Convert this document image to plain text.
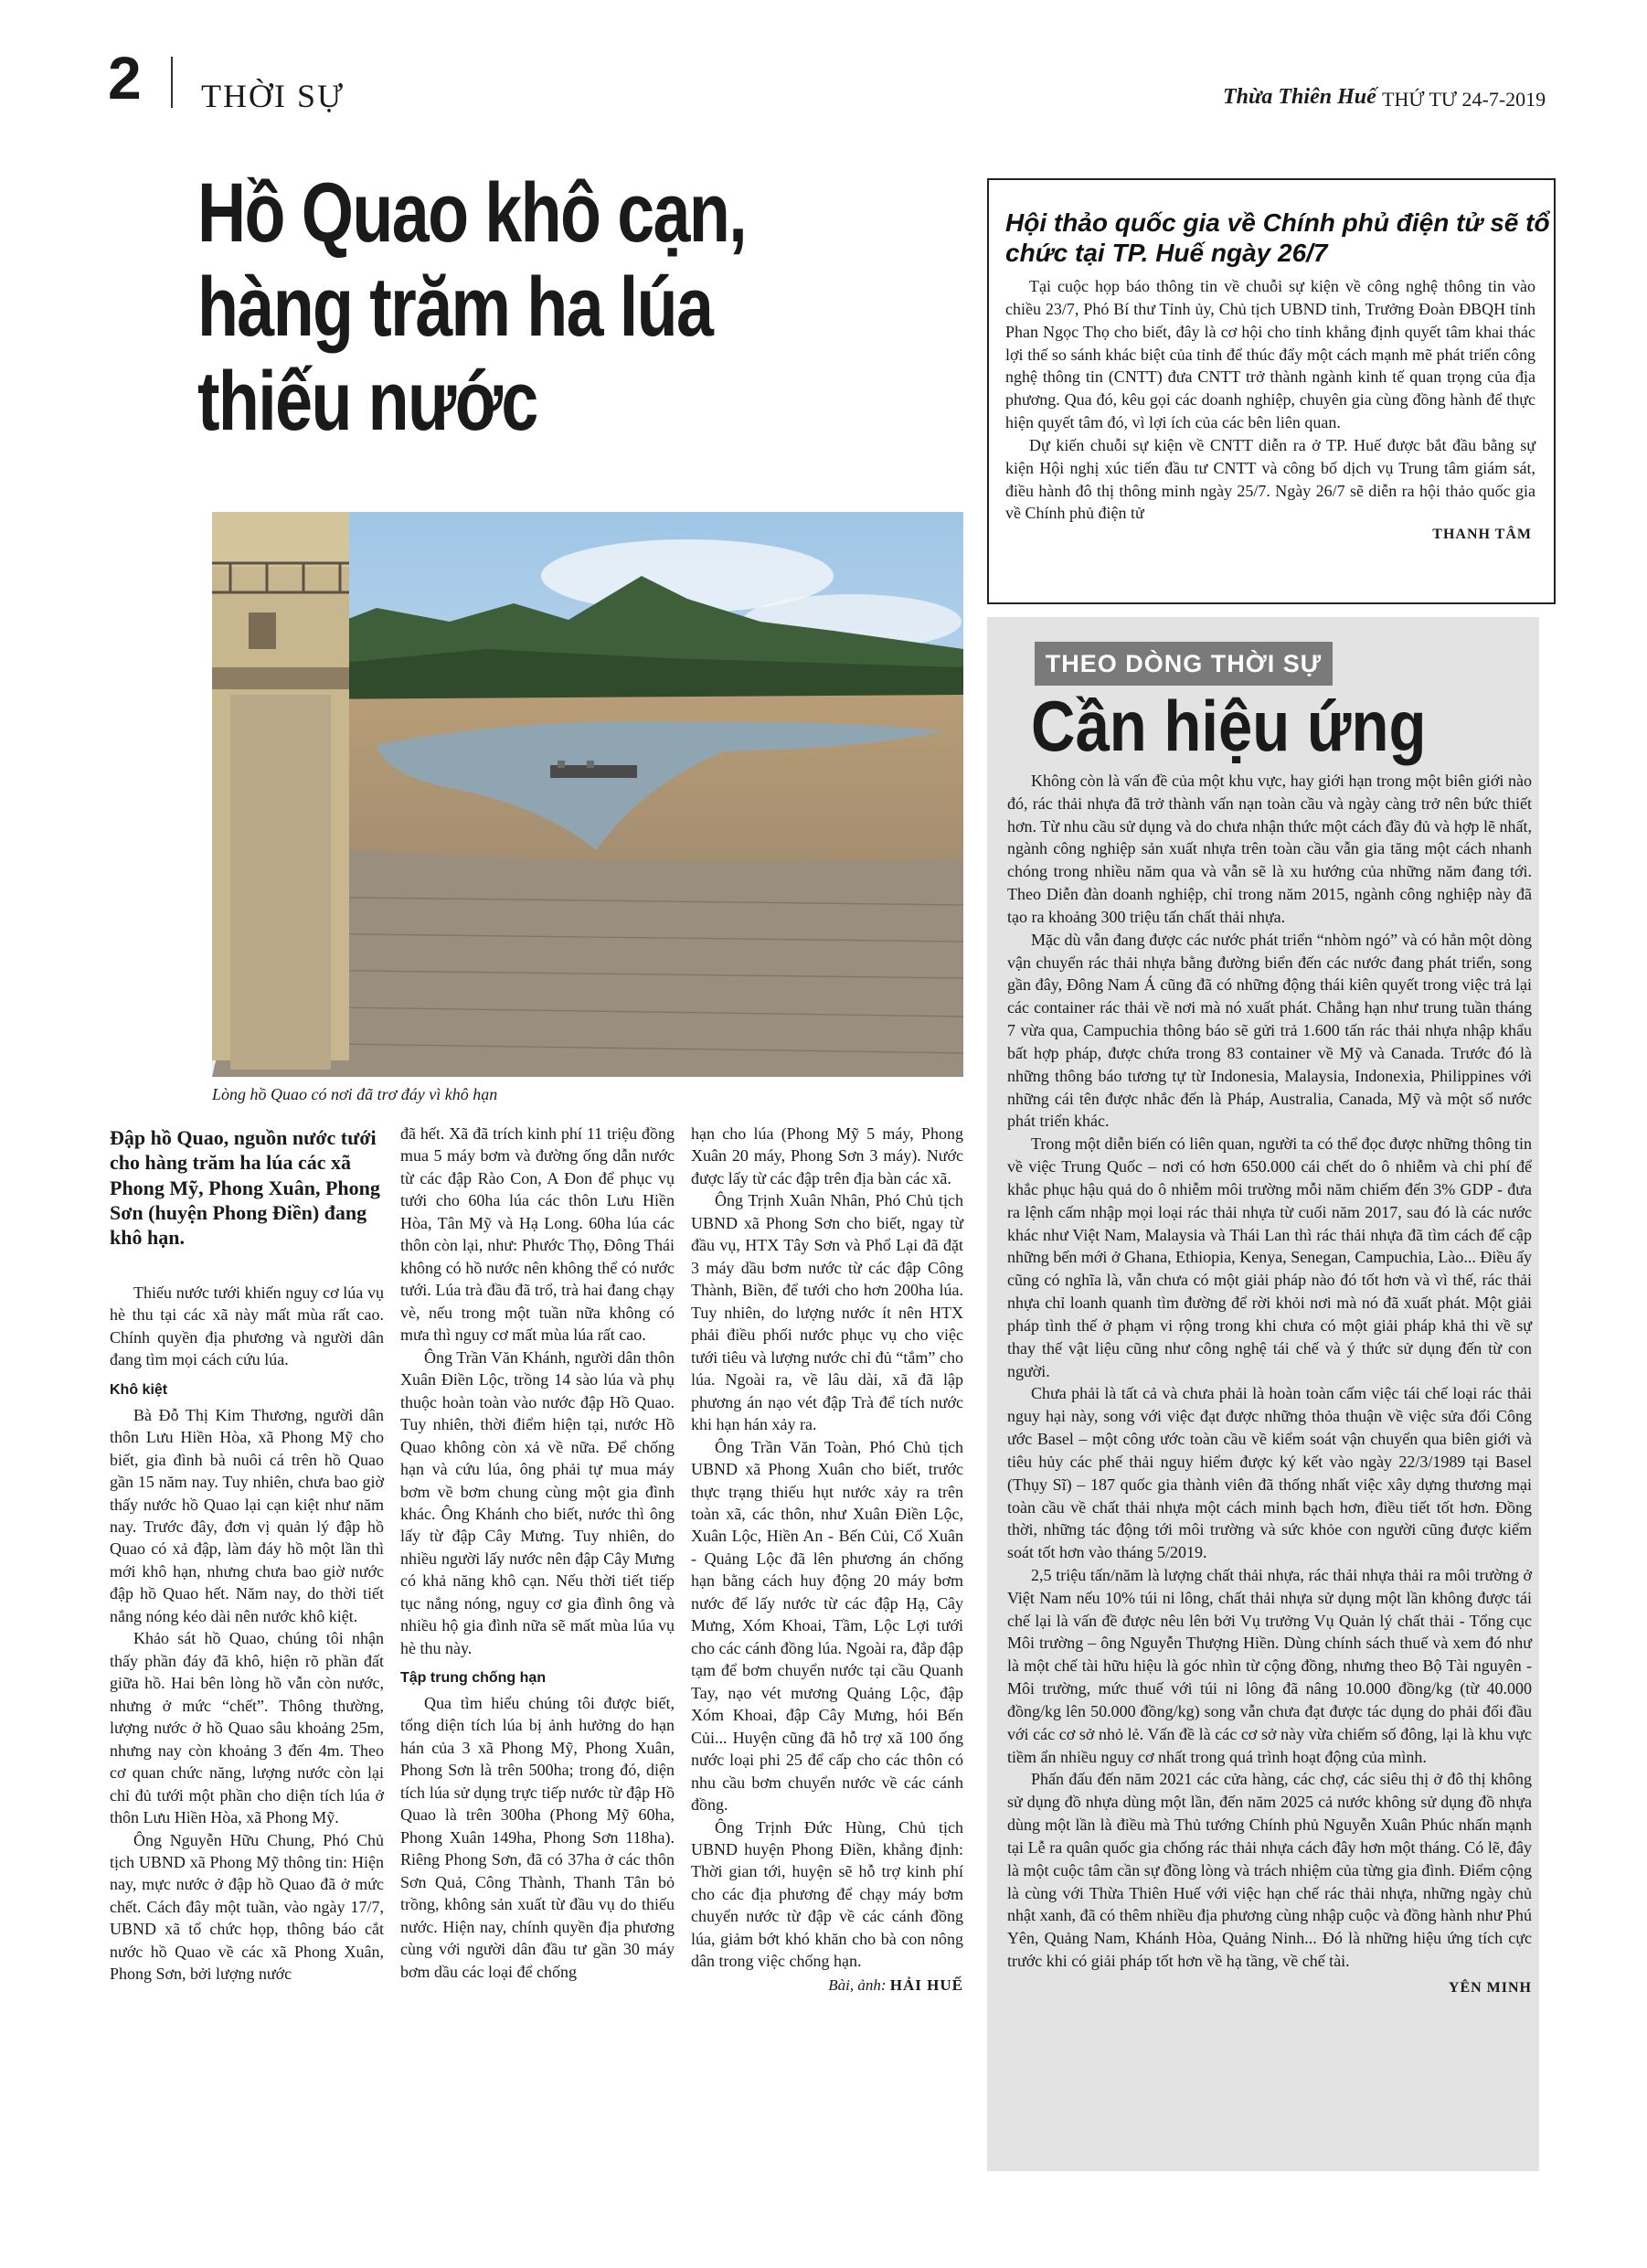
2 THỜI SỰ	Thừa Thiên Huế THỨ TƯ 24-7-2019
Hồ Quao khô cạn,
hàng trăm ha lúa thiếu nước
Lòng hồ Quao có nơi đã trơ đáy vì khô hạn
Đập hồ Quao, nguồn nước tưới cho hàng trăm ha lúa các xã Phong Mỹ, Phong Xuân, Phong Sơn (huyện Phong Điền) đang khô hạn.

Thiếu nước tưới khiến nguy cơ lúa vụ hè thu tại các xã này mất mùa rất cao. Chính quyền địa phương và người dân đang tìm mọi cách cứu lúa.

Khô kiệt

Bà Đỗ Thị Kim Thương, người dân thôn Lưu Hiền Hòa, xã Phong Mỹ cho biết, gia đình bà nuôi cá trên hồ Quao gần 15 năm nay. Tuy nhiên, chưa bao giờ thấy nước hồ Quao lại cạn kiệt như năm nay. Trước đây, đơn vị quản lý đập hồ Quao có xả đập, làm đáy hồ một lần thì mới khô hạn, nhưng chưa bao giờ nước đập hồ Quao hết. Năm nay, do thời tiết nắng nóng kéo dài nên nước khô kiệt.

Khảo sát hồ Quao, chúng tôi nhận thấy phần đáy đã khô, hiện rõ phần đất giữa hồ. Hai bên lòng hồ vẫn còn nước, nhưng ở mức “chết”. Thông thường, lượng nước ở hồ Quao sâu khoảng 25m, nhưng nay còn khoảng 3 đến 4m. Theo cơ quan chức năng, lượng nước còn lại chỉ đủ tưới một phần cho diện tích lúa ở thôn Lưu Hiền Hòa, xã Phong Mỹ.

Ông Nguyễn Hữu Chung, Phó Chủ tịch UBND xã Phong Mỹ thông tin: Hiện nay, mực nước ở đập hồ Quao đã ở mức chết. Cách đây một tuần, vào ngày 17/7, UBND xã tổ chức họp, thông báo cắt nước hồ Quao về các xã Phong Xuân, Phong Sơn, bởi lượng nước

đã hết. Xã đã trích kinh phí 11 triệu đồng mua 5 máy bơm và đường ống dẫn nước từ các đập Rào Con, A Đon để phục vụ tưới cho 60ha lúa các thôn Lưu Hiền Hòa, Tân Mỹ và Hạ Long. 60ha lúa các thôn còn lại, như: Phước Thọ, Đông Thái không có hồ nước nên không thể có nước tưới. Lúa trà đầu đã trổ, trà hai đang chạy vè, nếu trong một tuần nữa không có mưa thì nguy cơ mất mùa lúa rất cao.

Ông Trần Văn Khánh, người dân thôn Xuân Điền Lộc, trồng 14 sào lúa và phụ thuộc hoàn toàn vào nước đập Hồ Quao. Tuy nhiên, thời điểm hiện tại, nước Hồ Quao không còn xả về nữa. Để chống hạn và cứu lúa, ông phải tự mua máy bơm về bơm chung cùng một gia đình khác. Ông Khánh cho biết, nước thì ông lấy từ đập Cây Mưng. Tuy nhiên, do nhiều người lấy nước nên đập Cây Mưng có khả năng khô cạn. Nếu thời tiết tiếp tục nắng nóng, nguy cơ gia đình ông và nhiều hộ gia đình nữa sẽ mất mùa lúa vụ hè thu này.

Tập trung chống hạn

Qua tìm hiểu chúng tôi được biết, tổng diện tích lúa bị ảnh hưởng do hạn hán của 3 xã Phong Mỹ, Phong Xuân, Phong Sơn là trên 500ha; trong đó, diện tích lúa sử dụng trực tiếp nước từ đập Hồ Quao là trên 300ha (Phong Mỹ 60ha, Phong Xuân 149ha, Phong Sơn 118ha). Riêng Phong Sơn, đã có 37ha ở các thôn Sơn Quả, Công Thành, Thanh Tân bỏ trồng, không sản xuất từ đầu vụ do thiếu nước. Hiện nay, chính quyền địa phương cùng với người dân đầu tư gần 30 máy bơm dầu các loại để chống

hạn cho lúa (Phong Mỹ 5 máy, Phong Xuân 20 máy, Phong Sơn 3 máy). Nước được lấy từ các đập trên địa bàn các xã.

Ông Trịnh Xuân Nhân, Phó Chủ tịch UBND xã Phong Sơn cho biết, ngay từ đầu vụ, HTX Tây Sơn và Phổ Lại đã đặt 3 máy dầu bơm nước từ các đập Công Thành, Biền, để tưới cho hơn 200ha lúa. Tuy nhiên, do lượng nước ít nên HTX phải điều phối nước phục vụ cho việc tưới tiêu và lượng nước chỉ đủ “tắm” cho lúa. Ngoài ra, về lâu dài, xã đã lập phương án nạo vét đập Trà để tích nước khi hạn hán xảy ra.

Ông Trần Văn Toàn, Phó Chủ tịch UBND xã Phong Xuân cho biết, trước thực trạng thiếu hụt nước xảy ra trên toàn xã, các thôn, như Xuân Điền Lộc, Xuân Lộc, Hiền An - Bến Củi, Cổ Xuân - Quảng Lộc đã lên phương án chống hạn bằng cách huy động 20 máy bơm nước để lấy nước từ các đập Hạ, Cây Mưng, Xóm Khoai, Tầm, Lộc Lợi tưới cho các cánh đồng lúa. Ngoài ra, đắp đập tạm để bơm chuyển nước tại cầu Quanh Tay, nạo vét mương Quảng Lộc, đập Xóm Khoai, đập Cây Mưng, hói Bến Củi... Huyện cũng đã hỗ trợ xã 100 ống nước loại phi 25 để cấp cho các thôn có nhu cầu bơm chuyển nước về các cánh đồng.

Ông Trịnh Đức Hùng, Chủ tịch UBND huyện Phong Điền, khẳng định: Thời gian tới, huyện sẽ hỗ trợ kinh phí cho các địa phương để chạy máy bơm chuyển nước từ đập về các cánh đồng lúa, giảm bớt khó khăn cho bà con nông dân trong việc chống hạn.

Bài, ảnh: HẢI HUẾ
Hội thảo quốc gia về Chính phủ điện tử sẽ tổ chức tại TP. Huế ngày 26/7

Tại cuộc họp báo thông tin về chuỗi sự kiện về công nghệ thông tin vào chiều 23/7, Phó Bí thư Tỉnh ủy, Chủ tịch UBND tỉnh, Trưởng Đoàn ĐBQH tỉnh Phan Ngọc Thọ cho biết, đây là cơ hội cho tỉnh khẳng định quyết tâm khai thác lợi thế so sánh khác biệt của tỉnh để thúc đẩy một cách mạnh mẽ phát triển công nghệ thông tin (CNTT) đưa CNTT trở thành ngành kinh tế quan trọng của địa phương. Qua đó, kêu gọi các doanh nghiệp, chuyên gia cùng đồng hành để thực hiện quyết tâm đó, vì lợi ích của các bên liên quan.

Dự kiến chuỗi sự kiện về CNTT diễn ra ở TP. Huế được bắt đầu bằng sự kiện Hội nghị xúc tiến đầu tư CNTT và công bố dịch vụ Trung tâm giám sát, điều hành đô thị thông minh ngày 25/7. Ngày 26/7 sẽ diễn ra hội thảo quốc gia về Chính phủ điện tử

THANH TÂM
THEO DÒNG THỜI SỰ
Cần hiệu ứng

Không còn là vấn đề của một khu vực, hay giới hạn trong một biên giới nào đó, rác thải nhựa đã trở thành vấn nạn toàn cầu và ngày càng trở nên bức thiết hơn. Từ nhu cầu sử dụng và do chưa nhận thức một cách đầy đủ và hợp lẽ nhất, ngành công nghiệp sản xuất nhựa trên toàn cầu vẫn gia tăng một cách nhanh chóng trong nhiều năm qua và vẫn sẽ là xu hướng của những năm đang tới. Theo Diễn đàn doanh nghiệp, chỉ trong năm 2015, ngành công nghiệp này đã tạo ra khoảng 300 triệu tấn chất thải nhựa.

Mặc dù vẫn đang được các nước phát triển “nhòm ngó” và có hẳn một dòng vận chuyển rác thải nhựa bằng đường biển đến các nước đang phát triển, song gần đây, Đông Nam Á cũng đã có những động thái kiên quyết trong việc trả lại các container rác thải về nơi mà nó xuất phát. Chẳng hạn như trung tuần tháng 7 vừa qua, Campuchia thông báo sẽ gửi trả 1.600 tấn rác thải nhựa nhập khẩu bất hợp pháp, được chứa trong 83 container về Mỹ và Canada. Trước đó là những thông báo tương tự từ Indonesia, Malaysia, Indonexia, Philippines với những cái tên được nhắc đến là Pháp, Australia, Canada, Mỹ và một số nước phát triển khác.

Trong một diễn biến có liên quan, người ta có thể đọc được những thông tin về việc Trung Quốc – nơi có hơn 650.000 cái chết do ô nhiễm và chi phí để khắc phục hậu quả do ô nhiễm môi trường mỗi năm chiếm đến 3% GDP - đưa ra lệnh cấm nhập mọi loại rác thải nhựa từ cuối năm 2017, sau đó là các nước khác như Việt Nam, Malaysia và Thái Lan thì rác thải nhựa đã tìm cách để cập những bến mới ở Ghana, Ethiopia, Kenya, Senegan, Campuchia, Lào... Điều ấy cũng có nghĩa là, vẫn chưa có một giải pháp nào đó tốt hơn và vì thế, rác thải nhựa chỉ loanh quanh tìm đường để rời khỏi nơi mà nó đã xuất phát. Một giải pháp tình thế ở phạm vi rộng trong khi chưa có một giải pháp khả thi về sự thay thế vật liệu cũng như công nghệ tái chế và ý thức sử dụng đến từ con người.

Chưa phải là tất cả và chưa phải là hoàn toàn cấm việc tái chế loại rác thải nguy hại này, song với việc đạt được những thỏa thuận về việc sửa đổi Công ước Basel – một công ước toàn cầu về kiểm soát vận chuyển qua biên giới và tiêu hủy các phế thải nguy hiểm được ký kết vào ngày 22/3/1989 tại Basel (Thụy Sĩ) – 187 quốc gia thành viên đã thống nhất việc xây dựng thương mại toàn cầu về chất thải nhựa một cách minh bạch hơn, điều tiết tốt hơn. Đồng thời, những tác động tới môi trường và sức khỏe con người cũng được kiểm soát tốt hơn vào tháng 5/2019.

2,5 triệu tấn/năm là lượng chất thải nhựa, rác thải nhựa thải ra môi trường ở Việt Nam nếu 10% túi ni lông, chất thải nhựa sử dụng một lần không được tái chế lại là vấn đề được nêu lên bởi Vụ trưởng Vụ Quản lý chất thải - Tổng cục Môi trường – ông Nguyễn Thượng Hiền. Dùng chính sách thuế và xem đó như là một chế tài hữu hiệu là góc nhìn từ cộng đồng, nhưng theo Bộ Tài nguyên - Môi trường, mức thuế với túi ni lông đã nâng 10.000 đồng/kg (từ 40.000 đồng/kg lên 50.000 đồng/kg) song vẫn chưa đạt được tác dụng do phải đối đầu với các cơ sở nhỏ lẻ. Vấn đề là các cơ sở này vừa chiếm số đông, lại là khu vực tiềm ẩn nhiều nguy cơ nhất trong quá trình hoạt động của mình.

Phấn đấu đến năm 2021 các cửa hàng, các chợ, các siêu thị ở đô thị không sử dụng đồ nhựa dùng một lần, đến năm 2025 cả nước không sử dụng đồ nhựa dùng một lần là điều mà Thủ tướng Chính phủ Nguyễn Xuân Phúc nhấn mạnh tại Lễ ra quân quốc gia chống rác thải nhựa cách đây hơn một tháng. Có lẽ, đây là một cuộc tâm cần sự đồng lòng và trách nhiệm của từng gia đình. Điểm cộng là cùng với Thừa Thiên Huế với việc hạn chế rác thải nhựa, những ngày chủ nhật xanh, đã có thêm nhiều địa phương cùng nhập cuộc và đồng hành như Phú Yên, Quảng Nam, Khánh Hòa, Quảng Ninh... Đó là những hiệu ứng tích cực trước khi có giải pháp tốt hơn về hạ tầng, về chế tài.

YÊN MINH
